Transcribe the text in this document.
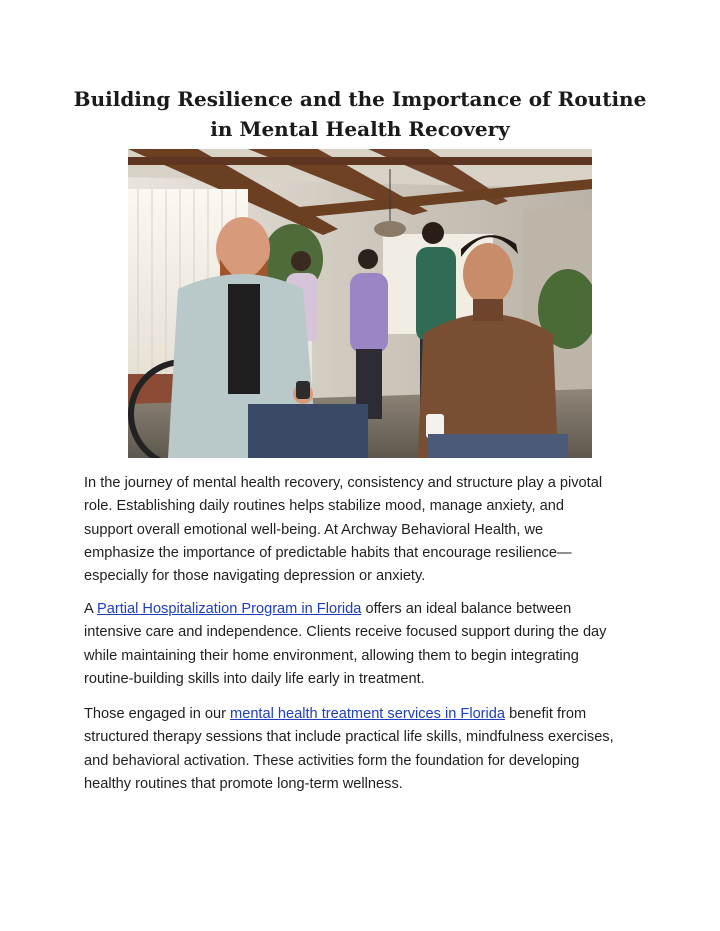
Building Resilience and the Importance of Routine
in Mental Health Recovery

In the journey of mental health recovery, consistency and structure play a pivotal
role. Establishing daily routines helps stabilize mood, manage anxiety, and
support overall emotional well-being. At Archway Behavioral Health, we
emphasize the importance of predictable habits that encourage resilience—
especially for those navigating depression or anxiety.

A Partial Hospitalization Program in Florida offers an ideal balance between
intensive care and independence. Clients receive focused support during the day
while maintaining their home environment, allowing them to begin integrating
routine-building skills into daily life early in treatment.

Those engaged in our mental health treatment services in Florida benefit from
structured therapy sessions that include practical life skills, mindfulness exercises,
and behavioral activation. These activities form the foundation for developing
healthy routines that promote long-term wellness.
